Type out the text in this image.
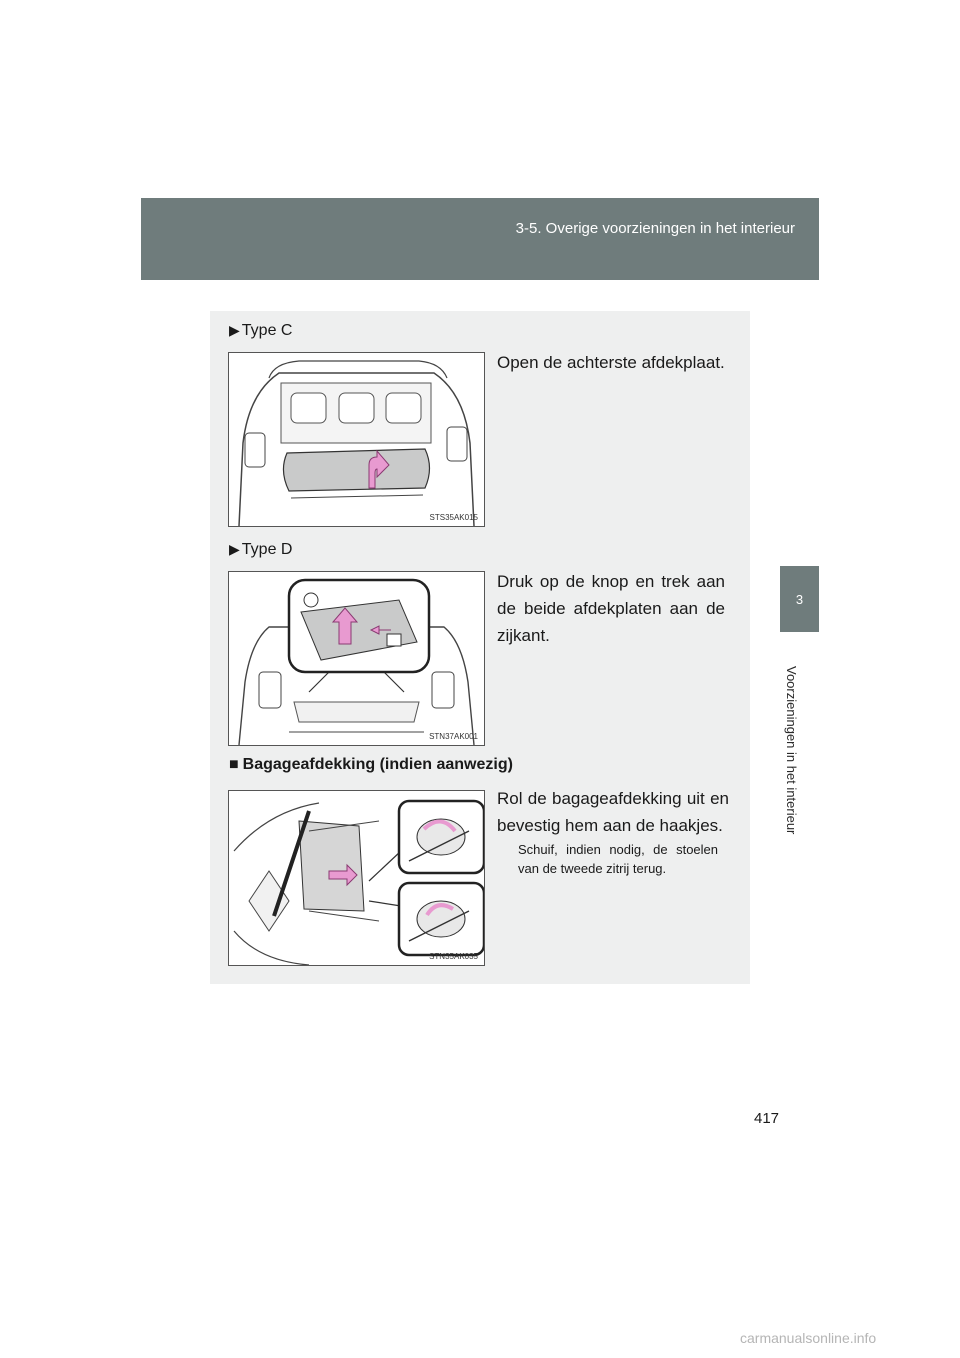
3-5. Overige voorzieningen in het interieur
3
Voorzieningen in het interieur
▶ Type C
STS35AK015
Open de achterste afdekplaat.
▶ Type D
STN37AK001
Druk op de knop en trek aan de beide afdekplaten aan de zijkant.
■ Bagageafdekking (indien aanwezig)
STN35AK035
Rol de bagageafdekking uit en bevestig hem aan de haakjes.
Schuif, indien nodig, de stoelen van de tweede zitrij terug.
417
carmanualsonline.info
